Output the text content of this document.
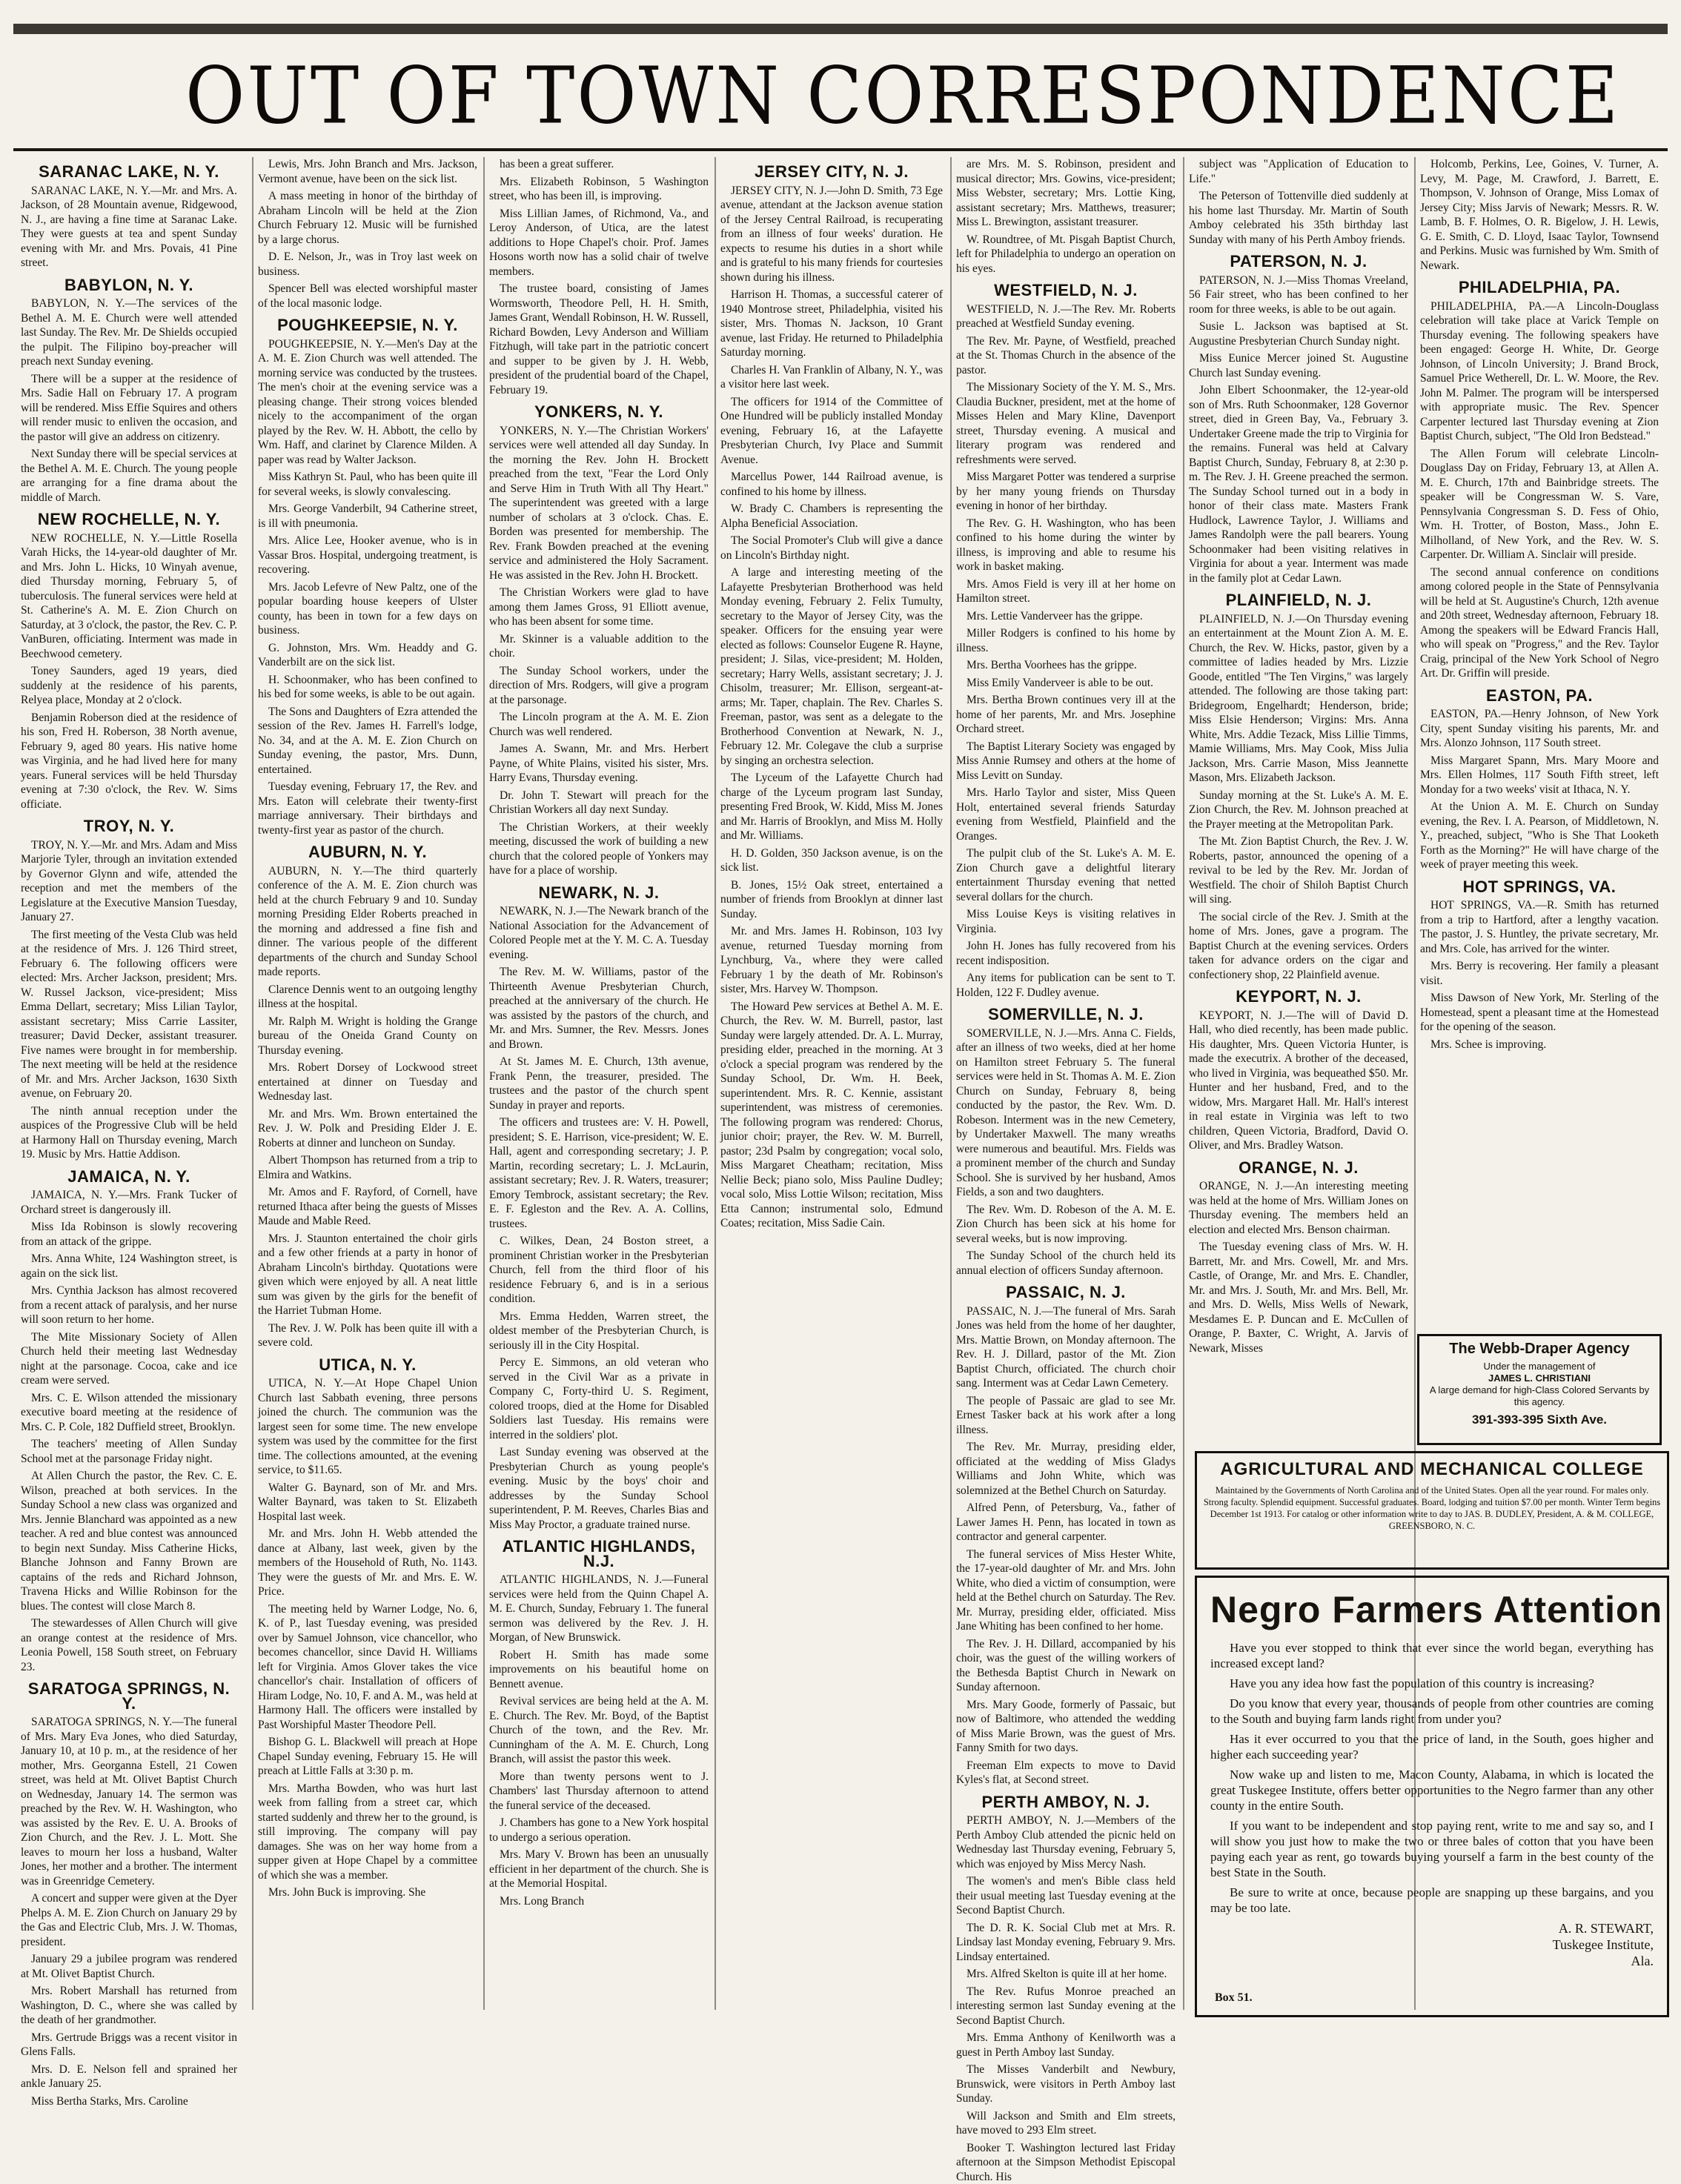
OUT OF TOWN CORRESPONDENCE
SARANAC LAKE, N. Y.
SARANAC LAKE, N. Y.—Mr. and Mrs. A. Jackson, of 28 Mountain avenue, Ridgewood, N. J., are having a fine time at Saranac Lake. They were guests at tea and spent Sunday evening with Mr. and Mrs. Povais, 41 Pine street.
BABYLON, N. Y.
BABYLON, N. Y.—The services of the Bethel A. M. E. Church were well attended last Sunday. The Rev. Mr. De Shields occupied the pulpit. The Filipino boy-preacher will preach next Sunday evening.
There will be a supper at the residence of Mrs. Sadie Hall on February 17. A program will be rendered. Miss Effie Squires and others will render music to enliven the occasion, and the pastor will give an address on citizenry.
Next Sunday there will be special services at the Bethel A. M. E. Church. The young people are arranging for a fine drama about the middle of March.
NEW ROCHELLE, N. Y.
NEW ROCHELLE, N. Y.—Little Rosella Varah Hicks, the 14-year-old daughter of Mr. and Mrs. John L. Hicks, 10 Winyah avenue, died Thursday morning, February 5, of tuberculosis. The funeral services were held at St. Catherine's A. M. E. Zion Church on Saturday, at 3 o'clock, the pastor, the Rev. C. P. VanBuren, officiating. Interment was made in Beechwood cemetery.
Toney Saunders, aged 19 years, died suddenly at the residence of his parents, Relyea place, Monday at 2 o'clock.
Benjamin Roberson died at the residence of his son, Fred H. Roberson, 38 North avenue, February 9, aged 80 years. His native home was Virginia, and he had lived here for many years. Funeral services will be held Thursday evening at 7:30 o'clock, the Rev. W. Sims officiate.
TROY, N. Y.
TROY, N. Y.—Mr. and Mrs. Adam and Miss Marjorie Tyler, through an invitation extended by Governor Glynn and wife, attended the reception and met the members of the Legislature at the Executive Mansion Tuesday, January 27.
The first meeting of the Vesta Club was held at the residence of Mrs. J. 126 Third street, February 6. The following officers were elected: Mrs. Archer Jackson, president; Mrs. W. Russel Jackson, vice-president; Miss Emma Dellart, secretary; Miss Lilian Taylor, assistant secretary; Miss Carrie Lassiter, treasurer; David Decker, assistant treasurer. Five names were brought in for membership. The next meeting will be held at the residence of Mr. and Mrs. Archer Jackson, 1630 Sixth avenue, on February 20.
The ninth annual reception under the auspices of the Progressive Club will be held at Harmony Hall on Thursday evening, March 19. Music by Mrs. Hattie Addison.
JAMAICA, N. Y.
JAMAICA, N. Y.—Mrs. Frank Tucker of Orchard street is dangerously ill.
Miss Ida Robinson is slowly recovering from an attack of the grippe.
Mrs. Anna White, 124 Washington street, is again on the sick list.
Mrs. Cynthia Jackson has almost recovered from a recent attack of paralysis, and her nurse will soon return to her home.
The Mite Missionary Society of Allen Church held their meeting last Wednesday night at the parsonage. Cocoa, cake and ice cream were served.
Mrs. C. E. Wilson attended the missionary executive board meeting at the residence of Mrs. C. P. Cole, 182 Duffield street, Brooklyn.
The teachers' meeting of Allen Sunday School met at the parsonage Friday night.
At Allen Church the pastor, the Rev. C. E. Wilson, preached at both services. In the Sunday School a new class was organized and Mrs. Jennie Blanchard was appointed as a new teacher. A red and blue contest was announced to begin next Sunday. Miss Catherine Hicks, Blanche Johnson and Fanny Brown are captains of the reds and Richard Johnson, Travena Hicks and Willie Robinson for the blues. The contest will close March 8.
The stewardesses of Allen Church will give an orange contest at the residence of Mrs. Leonia Powell, 158 South street, on February 23.
SARATOGA SPRINGS, N. Y.
SARATOGA SPRINGS, N. Y.—The funeral of Mrs. Mary Eva Jones, who died Saturday, January 10, at 10 p. m., at the residence of her mother, Mrs. Georganna Estell, 21 Cowen street, was held at Mt. Olivet Baptist Church on Wednesday, January 14. The sermon was preached by the Rev. W. H. Washington, who was assisted by the Rev. E. U. A. Brooks of Zion Church, and the Rev. J. L. Mott. She leaves to mourn her loss a husband, Walter Jones, her mother and a brother. The interment was in Greenridge Cemetery.
A concert and supper were given at the Dyer Phelps A. M. E. Zion Church on January 29 by the Gas and Electric Club, Mrs. J. W. Thomas, president.
January 29 a jubilee program was rendered at Mt. Olivet Baptist Church.
Mrs. Robert Marshall has returned from Washington, D. C., where she was called by the death of her grandmother.
Mrs. Gertrude Briggs was a recent visitor in Glens Falls.
Mrs. D. E. Nelson fell and sprained her ankle January 25.
Miss Bertha Starks, Mrs. Caroline
Lewis, Mrs. John Branch and Mrs. Jackson, Vermont avenue, have been on the sick list.
A mass meeting in honor of the birthday of Abraham Lincoln will be held at the Zion Church February 12. Music will be furnished by a large chorus.
D. E. Nelson, Jr., was in Troy last week on business.
Spencer Bell was elected worshipful master of the local masonic lodge.
POUGHKEEPSIE, N. Y.
POUGHKEEPSIE, N. Y.—Men's Day at the A. M. E. Zion Church was well attended. The morning service was conducted by the trustees. The men's choir at the evening service was a pleasing change. Their strong voices blended nicely to the accompaniment of the organ played by the Rev. W. H. Abbott, the cello by Wm. Haff, and clarinet by Clarence Milden. A paper was read by Walter Jackson.
Miss Kathryn St. Paul, who has been quite ill for several weeks, is slowly convalescing.
Mrs. George Vanderbilt, 94 Catherine street, is ill with pneumonia.
Mrs. Alice Lee, Hooker avenue, who is in Vassar Bros. Hospital, undergoing treatment, is recovering.
Mrs. Jacob Lefevre of New Paltz, one of the popular boarding house keepers of Ulster county, has been in town for a few days on business.
G. Johnston, Mrs. Wm. Headdy and G. Vanderbilt are on the sick list.
H. Schoonmaker, who has been confined to his bed for some weeks, is able to be out again.
The Sons and Daughters of Ezra attended the session of the Rev. James H. Farrell's lodge, No. 34, and at the A. M. E. Zion Church on Sunday evening, the pastor, Mrs. Dunn, entertained.
Tuesday evening, February 17, the Rev. and Mrs. Eaton will celebrate their twenty-first marriage anniversary. Their birthdays and twenty-first year as pastor of the church.
AUBURN, N. Y.
AUBURN, N. Y.—The third quarterly conference of the A. M. E. Zion church was held at the church February 9 and 10. Sunday morning Presiding Elder Roberts preached in the morning and addressed a fine fish and dinner. The various people of the different departments of the church and Sunday School made reports.
Clarence Dennis went to an outgoing lengthy illness at the hospital.
Mr. Ralph M. Wright is holding the Grange bureau of the Oneida Grand County on Thursday evening.
Mrs. Robert Dorsey of Lockwood street entertained at dinner on Tuesday and Wednesday last.
Mr. and Mrs. Wm. Brown entertained the Rev. J. W. Polk and Presiding Elder J. E. Roberts at dinner and luncheon on Sunday.
Albert Thompson has returned from a trip to Elmira and Watkins.
Mr. Amos and F. Rayford, of Cornell, have returned Ithaca after being the guests of Misses Maude and Mable Reed.
Mrs. J. Staunton entertained the choir girls and a few other friends at a party in honor of Abraham Lincoln's birthday. Quotations were given which were enjoyed by all. A neat little sum was given by the girls for the benefit of the Harriet Tubman Home.
The Rev. J. W. Polk has been quite ill with a severe cold.
UTICA, N. Y.
UTICA, N. Y.—At Hope Chapel Union Church last Sabbath evening, three persons joined the church. The communion was the largest seen for some time. The new envelope system was used by the committee for the first time. The collections amounted, at the evening service, to $11.65.
Walter G. Baynard, son of Mr. and Mrs. Walter Baynard, was taken to St. Elizabeth Hospital last week.
Mr. and Mrs. John H. Webb attended the dance at Albany, last week, given by the members of the Household of Ruth, No. 1143. They were the guests of Mr. and Mrs. E. W. Price.
The meeting held by Warner Lodge, No. 6, K. of P., last Tuesday evening, was presided over by Samuel Johnson, vice chancellor, who becomes chancellor, since David H. Williams left for Virginia. Amos Glover takes the vice chancellor's chair. Installation of officers of Hiram Lodge, No. 10, F. and A. M., was held at Harmony Hall. The officers were installed by Past Worshipful Master Theodore Pell.
Bishop G. L. Blackwell will preach at Hope Chapel Sunday evening, February 15. He will preach at Little Falls at 3:30 p. m.
Mrs. Martha Bowden, who was hurt last week from falling from a street car, which started suddenly and threw her to the ground, is still improving. The company will pay damages. She was on her way home from a supper given at Hope Chapel by a committee of which she was a member.
Mrs. John Buck is improving. She
has been a great sufferer.
Mrs. Elizabeth Robinson, 5 Washington street, who has been ill, is improving.
Miss Lillian James, of Richmond, Va., and Leroy Anderson, of Utica, are the latest additions to Hope Chapel's choir. Prof. James Hosons worth now has a solid chair of twelve members.
The trustee board, consisting of James Wormsworth, Theodore Pell, H. H. Smith, James Grant, Wendall Robinson, H. W. Russell, Richard Bowden, Levy Anderson and William Fitzhugh, will take part in the patriotic concert and supper to be given by J. H. Webb, president of the prudential board of the Chapel, February 19.
YONKERS, N. Y.
YONKERS, N. Y.—The Christian Workers' services were well attended all day Sunday. In the morning the Rev. John H. Brockett preached from the text, "Fear the Lord Only and Serve Him in Truth With all Thy Heart." The superintendent was greeted with a large number of scholars at 3 o'clock. Chas. E. Borden was presented for membership. The Rev. Frank Bowden preached at the evening service and administered the Holy Sacrament. He was assisted in the Rev. John H. Brockett.
The Christian Workers were glad to have among them James Gross, 91 Elliott avenue, who has been absent for some time.
Mr. Skinner is a valuable addition to the choir.
The Sunday School workers, under the direction of Mrs. Rodgers, will give a program at the parsonage.
The Lincoln program at the A. M. E. Zion Church was well rendered.
James A. Swann, Mr. and Mrs. Herbert Payne, of White Plains, visited his sister, Mrs. Harry Evans, Thursday evening.
Dr. John T. Stewart will preach for the Christian Workers all day next Sunday.
The Christian Workers, at their weekly meeting, discussed the work of building a new church that the colored people of Yonkers may have for a place of worship.
NEWARK, N. J.
NEWARK, N. J.—The Newark branch of the National Association for the Advancement of Colored People met at the Y. M. C. A. Tuesday evening.
The Rev. M. W. Williams, pastor of the Thirteenth Avenue Presbyterian Church, preached at the anniversary of the church. He was assisted by the pastors of the church, and Mr. and Mrs. Sumner, the Rev. Messrs. Jones and Brown.
At St. James M. E. Church, 13th avenue, Frank Penn, the treasurer, presided. The trustees and the pastor of the church spent Sunday in prayer and reports.
The officers and trustees are: V. H. Powell, president; S. E. Harrison, vice-president; W. E. Hall, agent and corresponding secretary; J. P. Martin, recording secretary; L. J. McLaurin, assistant secretary; Rev. J. R. Waters, treasurer; Emory Tembrock, assistant secretary; the Rev. E. F. Egleston and the Rev. A. A. Collins, trustees.
C. Wilkes, Dean, 24 Boston street, a prominent Christian worker in the Presbyterian Church, fell from the third floor of his residence February 6, and is in a serious condition.
Mrs. Emma Hedden, Warren street, the oldest member of the Presbyterian Church, is seriously ill in the City Hospital.
Percy E. Simmons, an old veteran who served in the Civil War as a private in Company C, Forty-third U. S. Regiment, colored troops, died at the Home for Disabled Soldiers last Tuesday. His remains were interred in the soldiers' plot.
Last Sunday evening was observed at the Presbyterian Church as young people's evening. Music by the boys' choir and addresses by the Sunday School superintendent, P. M. Reeves, Charles Bias and Miss May Proctor, a graduate trained nurse.
ATLANTIC HIGHLANDS, N.J.
ATLANTIC HIGHLANDS, N. J.—Funeral services were held from the Quinn Chapel A. M. E. Church, Sunday, February 1. The funeral sermon was delivered by the Rev. J. H. Morgan, of New Brunswick.
Robert H. Smith has made some improvements on his beautiful home on Bennett avenue.
Revival services are being held at the A. M. E. Church. The Rev. Mr. Boyd, of the Baptist Church of the town, and the Rev. Mr. Cunningham of the A. M. E. Church, Long Branch, will assist the pastor this week.
More than twenty persons went to J. Chambers' last Thursday afternoon to attend the funeral service of the deceased.
J. Chambers has gone to a New York hospital to undergo a serious operation.
Mrs. Mary V. Brown has been an unusually efficient in her department of the church. She is at the Memorial Hospital.
Mrs. Long Branch
JERSEY CITY, N. J.
JERSEY CITY, N. J.—John D. Smith, 73 Ege avenue, attendant at the Jackson avenue station of the Jersey Central Railroad, is recuperating from an illness of four weeks' duration. He expects to resume his duties in a short while and is grateful to his many friends for courtesies shown during his illness.
Harrison H. Thomas, a successful caterer of 1940 Montrose street, Philadelphia, visited his sister, Mrs. Thomas N. Jackson, 10 Grant avenue, last Friday. He returned to Philadelphia Saturday morning.
Charles H. Van Franklin of Albany, N. Y., was a visitor here last week.
The officers for 1914 of the Committee of One Hundred will be publicly installed Monday evening, February 16, at the Lafayette Presbyterian Church, Ivy Place and Summit Avenue.
Marcellus Power, 144 Railroad avenue, is confined to his home by illness.
W. Brady C. Chambers is representing the Alpha Beneficial Association.
The Social Promoter's Club will give a dance on Lincoln's Birthday night.
A large and interesting meeting of the Lafayette Presbyterian Brotherhood was held Monday evening, February 2. Felix Tumulty, secretary to the Mayor of Jersey City, was the speaker. Officers for the ensuing year were elected as follows: Counselor Eugene R. Hayne, president; J. Silas, vice-president; M. Holden, secretary; Harry Wells, assistant secretary; J. J. Chisolm, treasurer; Mr. Ellison, sergeant-at-arms; Mr. Taper, chaplain. The Rev. Charles S. Freeman, pastor, was sent as a delegate to the Brotherhood Convention at Newark, N. J., February 12. Mr. Colegave the club a surprise by singing an orchestra selection.
The Lyceum of the Lafayette Church had charge of the Lyceum program last Sunday, presenting Fred Brook, W. Kidd, Miss M. Jones and Mr. Harris of Brooklyn, and Miss M. Holly and Mr. Williams.
H. D. Golden, 350 Jackson avenue, is on the sick list.
B. Jones, 15½ Oak street, entertained a number of friends from Brooklyn at dinner last Sunday.
Mr. and Mrs. James H. Robinson, 103 Ivy avenue, returned Tuesday morning from Lynchburg, Va., where they were called February 1 by the death of Mr. Robinson's sister, Mrs. Harvey W. Thompson.
The Howard Pew services at Bethel A. M. E. Church, the Rev. W. M. Burrell, pastor, last Sunday were largely attended. Dr. A. L. Murray, presiding elder, preached in the morning. At 3 o'clock a special program was rendered by the Sunday School, Dr. Wm. H. Beek, superintendent. Mrs. R. C. Kennie, assistant superintendent, was mistress of ceremonies. The following program was rendered: Chorus, junior choir; prayer, the Rev. W. M. Burrell, pastor; 23d Psalm by congregation; vocal solo, Miss Margaret Cheatham; recitation, Miss Nellie Beck; piano solo, Miss Pauline Dudley; vocal solo, Miss Lottie Wilson; recitation, Miss Etta Cannon; instrumental solo, Edmund Coates; recitation, Miss Sadie Cain.
are Mrs. M. S. Robinson, president and musical director; Mrs. Gowins, vice-president; Miss Webster, secretary; Mrs. Lottie King, assistant secretary; Mrs. Matthews, treasurer; Miss L. Brewington, assistant treasurer.
W. Roundtree, of Mt. Pisgah Baptist Church, left for Philadelphia to undergo an operation on his eyes.
WESTFIELD, N. J.
WESTFIELD, N. J.—The Rev. Mr. Roberts preached at Westfield Sunday evening.
The Rev. Mr. Payne, of Westfield, preached at the St. Thomas Church in the absence of the pastor.
The Missionary Society of the Y. M. S., Mrs. Claudia Buckner, president, met at the home of Misses Helen and Mary Kline, Davenport street, Thursday evening. A musical and literary program was rendered and refreshments were served.
Miss Margaret Potter was tendered a surprise by her many young friends on Thursday evening in honor of her birthday.
The Rev. G. H. Washington, who has been confined to his home during the winter by illness, is improving and able to resume his work in basket making.
Mrs. Amos Field is very ill at her home on Hamilton street.
Mrs. Lettie Vanderveer has the grippe.
Miller Rodgers is confined to his home by illness.
Mrs. Bertha Voorhees has the grippe.
Miss Emily Vanderveer is able to be out.
Mrs. Bertha Brown continues very ill at the home of her parents, Mr. and Mrs. Josephine Orchard street.
The Baptist Literary Society was engaged by Miss Annie Rumsey and others at the home of Miss Levitt on Sunday.
Mrs. Harlo Taylor and sister, Miss Queen Holt, entertained several friends Saturday evening from Westfield, Plainfield and the Oranges.
The pulpit club of the St. Luke's A. M. E. Zion Church gave a delightful literary entertainment Thursday evening that netted several dollars for the church.
Miss Louise Keys is visiting relatives in Virginia.
John H. Jones has fully recovered from his recent indisposition.
Any items for publication can be sent to T. Holden, 122 F. Dudley avenue.
SOMERVILLE, N. J.
SOMERVILLE, N. J.—Mrs. Anna C. Fields, after an illness of two weeks, died at her home on Hamilton street February 5. The funeral services were held in St. Thomas A. M. E. Zion Church on Sunday, February 8, being conducted by the pastor, the Rev. Wm. D. Robeson. Interment was in the new Cemetery, by Undertaker Maxwell. The many wreaths were numerous and beautiful. Mrs. Fields was a prominent member of the church and Sunday School. She is survived by her husband, Amos Fields, a son and two daughters.
The Rev. Wm. D. Robeson of the A. M. E. Zion Church has been sick at his home for several weeks, but is now improving.
The Sunday School of the church held its annual election of officers Sunday afternoon.
PASSAIC, N. J.
PASSAIC, N. J.—The funeral of Mrs. Sarah Jones was held from the home of her daughter, Mrs. Mattie Brown, on Monday afternoon. The Rev. H. J. Dillard, pastor of the Mt. Zion Baptist Church, officiated. The church choir sang. Interment was at Cedar Lawn Cemetery.
The people of Passaic are glad to see Mr. Ernest Tasker back at his work after a long illness.
The Rev. Mr. Murray, presiding elder, officiated at the wedding of Miss Gladys Williams and John White, which was solemnized at the Bethel Church on Saturday.
Alfred Penn, of Petersburg, Va., father of Lawer James H. Penn, has located in town as contractor and general carpenter.
The funeral services of Miss Hester White, the 17-year-old daughter of Mr. and Mrs. John White, who died a victim of consumption, were held at the Bethel church on Saturday. The Rev. Mr. Murray, presiding elder, officiated. Miss Jane Whiting has been confined to her home.
The Rev. J. H. Dillard, accompanied by his choir, was the guest of the willing workers of the Bethesda Baptist Church in Newark on Sunday afternoon.
Mrs. Mary Goode, formerly of Passaic, but now of Baltimore, who attended the wedding of Miss Marie Brown, was the guest of Mrs. Fanny Smith for two days.
Freeman Elm expects to move to David Kyles's flat, at Second street.
PERTH AMBOY, N. J.
PERTH AMBOY, N. J.—Members of the Perth Amboy Club attended the picnic held on Wednesday last Thursday evening, February 5, which was enjoyed by Miss Mercy Nash.
The women's and men's Bible class held their usual meeting last Tuesday evening at the Second Baptist Church.
The D. R. K. Social Club met at Mrs. R. Lindsay last Monday evening, February 9. Mrs. Lindsay entertained.
Mrs. Alfred Skelton is quite ill at her home.
The Rev. Rufus Monroe preached an interesting sermon last Sunday evening at the Second Baptist Church.
Mrs. Emma Anthony of Kenilworth was a guest in Perth Amboy last Sunday.
The Misses Vanderbilt and Newbury, Brunswick, were visitors in Perth Amboy last Sunday.
Will Jackson and Smith and Elm streets, have moved to 293 Elm street.
Booker T. Washington lectured last Friday afternoon at the Simpson Methodist Episcopal Church. His
subject was "Application of Education to Life."
The Peterson of Tottenville died suddenly at his home last Thursday. Mr. Martin of South Amboy celebrated his 35th birthday last Sunday with many of his Perth Amboy friends.
PATERSON, N. J.
PATERSON, N. J.—Miss Thomas Vreeland, 56 Fair street, who has been confined to her room for three weeks, is able to be out again.
Susie L. Jackson was baptised at St. Augustine Presbyterian Church Sunday night.
Miss Eunice Mercer joined St. Augustine Church last Sunday evening.
John Elbert Schoonmaker, the 12-year-old son of Mrs. Ruth Schoonmaker, 128 Governor street, died in Green Bay, Va., February 3. Undertaker Greene made the trip to Virginia for the remains. Funeral was held at Calvary Baptist Church, Sunday, February 8, at 2:30 p. m. The Rev. J. H. Greene preached the sermon. The Sunday School turned out in a body in honor of their class mate. Masters Frank Hudlock, Lawrence Taylor, J. Williams and James Randolph were the pall bearers. Young Schoonmaker had been visiting relatives in Virginia for about a year. Interment was made in the family plot at Cedar Lawn.
PLAINFIELD, N. J.
PLAINFIELD, N. J.—On Thursday evening an entertainment at the Mount Zion A. M. E. Church, the Rev. W. Hicks, pastor, given by a committee of ladies headed by Mrs. Lizzie Goode, entitled "The Ten Virgins," was largely attended. The following are those taking part: Bridegroom, Engelhardt; Henderson, bride; Miss Elsie Henderson; Virgins: Mrs. Anna White, Mrs. Addie Tezack, Miss Lillie Timms, Mamie Williams, Mrs. May Cook, Miss Julia Jackson, Mrs. Carrie Mason, Miss Jeannette Mason, Mrs. Elizabeth Jackson.
Sunday morning at the St. Luke's A. M. E. Zion Church, the Rev. M. Johnson preached at the Prayer meeting at the Metropolitan Park.
The Mt. Zion Baptist Church, the Rev. J. W. Roberts, pastor, announced the opening of a revival to be led by the Rev. Mr. Jordan of Westfield. The choir of Shiloh Baptist Church will sing.
The social circle of the Rev. J. Smith at the home of Mrs. Jones, gave a program. The Baptist Church at the evening services. Orders taken for advance orders on the cigar and confectionery shop, 22 Plainfield avenue.
KEYPORT, N. J.
KEYPORT, N. J.—The will of David D. Hall, who died recently, has been made public. His daughter, Mrs. Queen Victoria Hunter, is made the executrix. A brother of the deceased, who lived in Virginia, was bequeathed $50. Mr. Hunter and her husband, Fred, and to the widow, Mrs. Margaret Hall. Mr. Hall's interest in real estate in Virginia was left to two children, Queen Victoria, Bradford, David O. Oliver, and Mrs. Bradley Watson.
ORANGE, N. J.
ORANGE, N. J.—An interesting meeting was held at the home of Mrs. William Jones on Thursday evening. The members held an election and elected Mrs. Benson chairman.
The Tuesday evening class of Mrs. W. H. Barrett, Mr. and Mrs. Cowell, Mr. and Mrs. Castle, of Orange, Mr. and Mrs. E. Chandler, Mr. and Mrs. J. South, Mr. and Mrs. Bell, Mr. and Mrs. D. Wells, Miss Wells of Newark, Mesdames E. P. Duncan and E. McCullen of Orange, P. Baxter, C. Wright, A. Jarvis of Newark, Misses
Holcomb, Perkins, Lee, Goines, V. Turner, A. Levy, M. Page, M. Crawford, J. Barrett, E. Thompson, V. Johnson of Orange, Miss Lomax of Jersey City; Miss Jarvis of Newark; Messrs. R. W. Lamb, B. F. Holmes, O. R. Bigelow, J. H. Lewis, G. E. Smith, C. D. Lloyd, Isaac Taylor, Townsend and Perkins. Music was furnished by Wm. Smith of Newark.
PHILADELPHIA, PA.
PHILADELPHIA, PA.—A Lincoln-Douglass celebration will take place at Varick Temple on Thursday evening. The following speakers have been engaged: George H. White, Dr. George Johnson, of Lincoln University; J. Brand Brock, Samuel Price Wetherell, Dr. L. W. Moore, the Rev. John M. Palmer. The program will be interspersed with appropriate music. The Rev. Spencer Carpenter lectured last Thursday evening at Zion Baptist Church, subject, "The Old Iron Bedstead."
The Allen Forum will celebrate Lincoln-Douglass Day on Friday, February 13, at Allen A. M. E. Church, 17th and Bainbridge streets. The speaker will be Congressman W. S. Vare, Pennsylvania Congressman S. D. Fess of Ohio, Wm. H. Trotter, of Boston, Mass., John E. Milholland, of New York, and the Rev. W. S. Carpenter. Dr. William A. Sinclair will preside.
The second annual conference on conditions among colored people in the State of Pennsylvania will be held at St. Augustine's Church, 12th avenue and 20th street, Wednesday afternoon, February 18. Among the speakers will be Edward Francis Hall, who will speak on "Progress," and the Rev. Taylor Craig, principal of the New York School of Negro Art. Dr. Griffin will preside.
EASTON, PA.
EASTON, PA.—Henry Johnson, of New York City, spent Sunday visiting his parents, Mr. and Mrs. Alonzo Johnson, 117 South street.
Miss Margaret Spann, Mrs. Mary Moore and Mrs. Ellen Holmes, 117 South Fifth street, left Monday for a two weeks' visit at Ithaca, N. Y.
At the Union A. M. E. Church on Sunday evening, the Rev. I. A. Pearson, of Middletown, N. Y., preached, subject, "Who is She That Looketh Forth as the Morning?" He will have charge of the week of prayer meeting this week.
HOT SPRINGS, VA.
HOT SPRINGS, VA.—R. Smith has returned from a trip to Hartford, after a lengthy vacation. The pastor, J. S. Huntley, the private secretary, Mr. and Mrs. Cole, has arrived for the winter.
Mrs. Berry is recovering. Her family a pleasant visit.
Miss Dawson of New York, Mr. Sterling of the Homestead, spent a pleasant time at the Homestead for the opening of the season.
Mrs. Schee is improving.
The Webb-Draper Agency
Under the management of
JAMES L. CHRISTIANI
A large demand for high-Class Colored Servants by this agency.
391-393-395 Sixth Ave.
AGRICULTURAL AND MECHANICAL COLLEGE
Maintained by the Governments of North Carolina and of the United States. Open all the year round. For males only. Strong faculty. Splendid equipment. Successful graduates. Board, lodging and tuition $7.00 per month. Winter Term begins December 1st 1913. For catalog or other information write to day to JAS. B. DUDLEY, President, A. & M. COLLEGE, GREENSBORO, N. C.
Negro Farmers Attention

Have you ever stopped to think that ever since the world began, everything has increased except land?

Have you any idea how fast the population of this country is increasing?

Do you know that every year, thousands of people from other countries are coming to the South and buying farm lands right from under you?

Has it ever occurred to you that the price of land, in the South, goes higher and higher each succeeding year?

Now wake up and listen to me, Macon County, Alabama, in which is located the great Tuskegee Institute, offers better opportunities to the Negro farmer than any other county in the entire South.

If you want to be independent and stop paying rent, write to me and say so, and I will show you just how to make the two or three bales of cotton that you have been paying each year as rent, go towards buying yourself a farm in the best county of the best State in the South.

Be sure to write at once, because people are snapping up these bargains, and you may be too late.

A. R. STEWART,
Tuskegee Institute,
Ala.
Box 51.
